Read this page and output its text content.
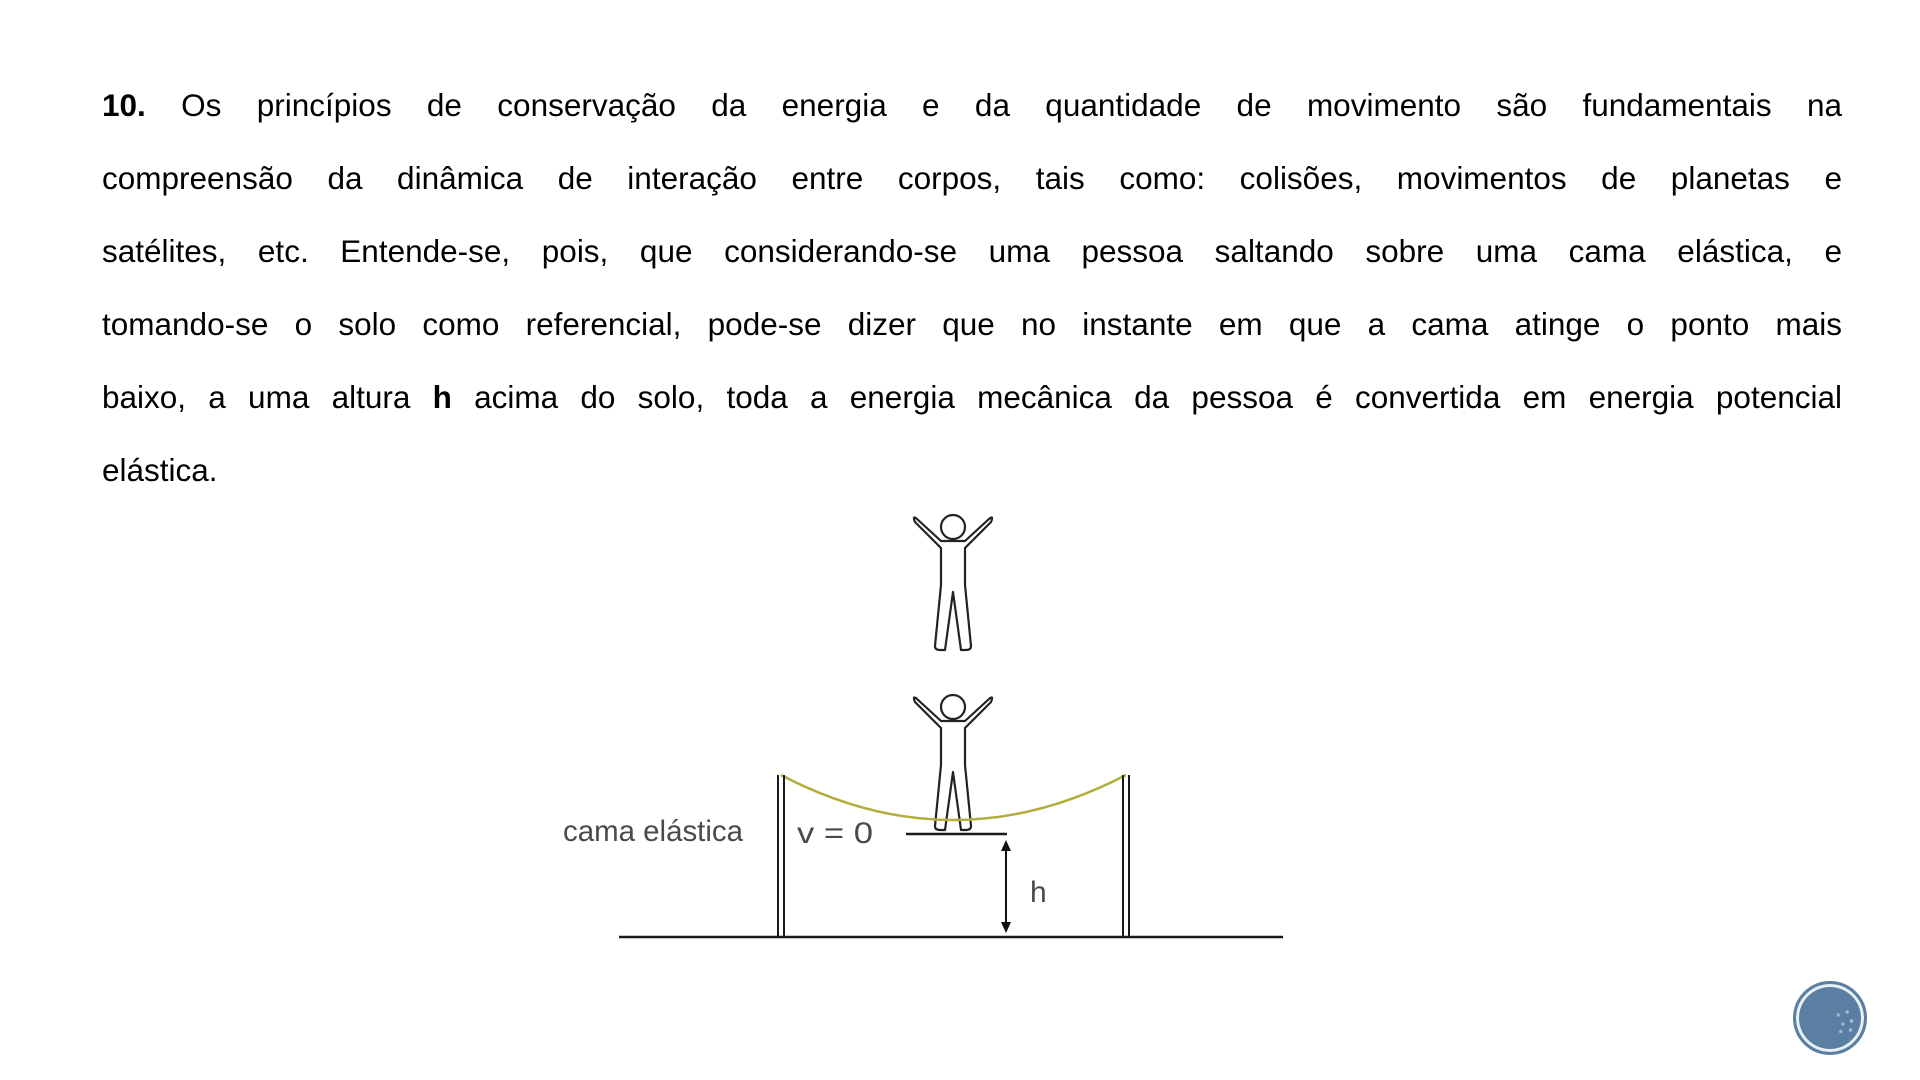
10. Os princípios de conservação da energia e da quantidade de movimento são fundamentais na
compreensão da dinâmica de interação entre corpos, tais como: colisões, movimentos de planetas e
satélites, etc. Entende-se, pois, que considerando-se uma pessoa saltando sobre uma cama elástica, e
tomando-se o solo como referencial, pode-se dizer que no instante em que a cama atinge o ponto mais
baixo, a uma altura h acima do solo, toda a energia mecânica da pessoa é convertida em energia potencial
elástica.
cama elástica v = 0
h
